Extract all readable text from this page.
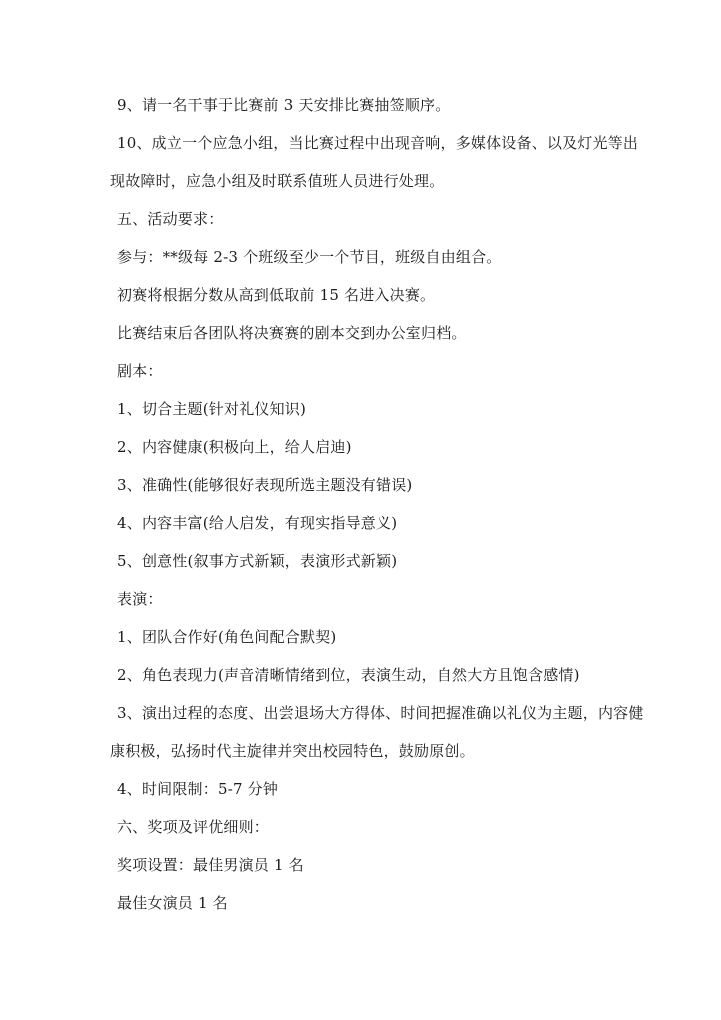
9、请一名干事于比赛前 3 天安排比赛抽签顺序。
10、成立一个应急小组，当比赛过程中出现音响，多媒体设备、以及灯光等出
现故障时，应急小组及时联系值班人员进行处理。
五、活动要求：
参与：**级每 2-3 个班级至少一个节目，班级自由组合。
初赛将根据分数从高到低取前 15 名进入决赛。
比赛结束后各团队将决赛赛的剧本交到办公室归档。
剧本：
1、切合主题(针对礼仪知识)
2、内容健康(积极向上，给人启迪)
3、准确性(能够很好表现所选主题没有错误)
4、内容丰富(给人启发，有现实指导意义)
5、创意性(叙事方式新颖，表演形式新颖)
表演：
1、团队合作好(角色间配合默契)
2、角色表现力(声音清晰情绪到位，表演生动，自然大方且饱含感情)
3、演出过程的态度、出尝退场大方得体、时间把握准确以礼仪为主题，内容健
康积极，弘扬时代主旋律并突出校园特色，鼓励原创。
4、时间限制：5-7 分钟
六、奖项及评优细则：
奖项设置：最佳男演员 1 名
最佳女演员 1 名
